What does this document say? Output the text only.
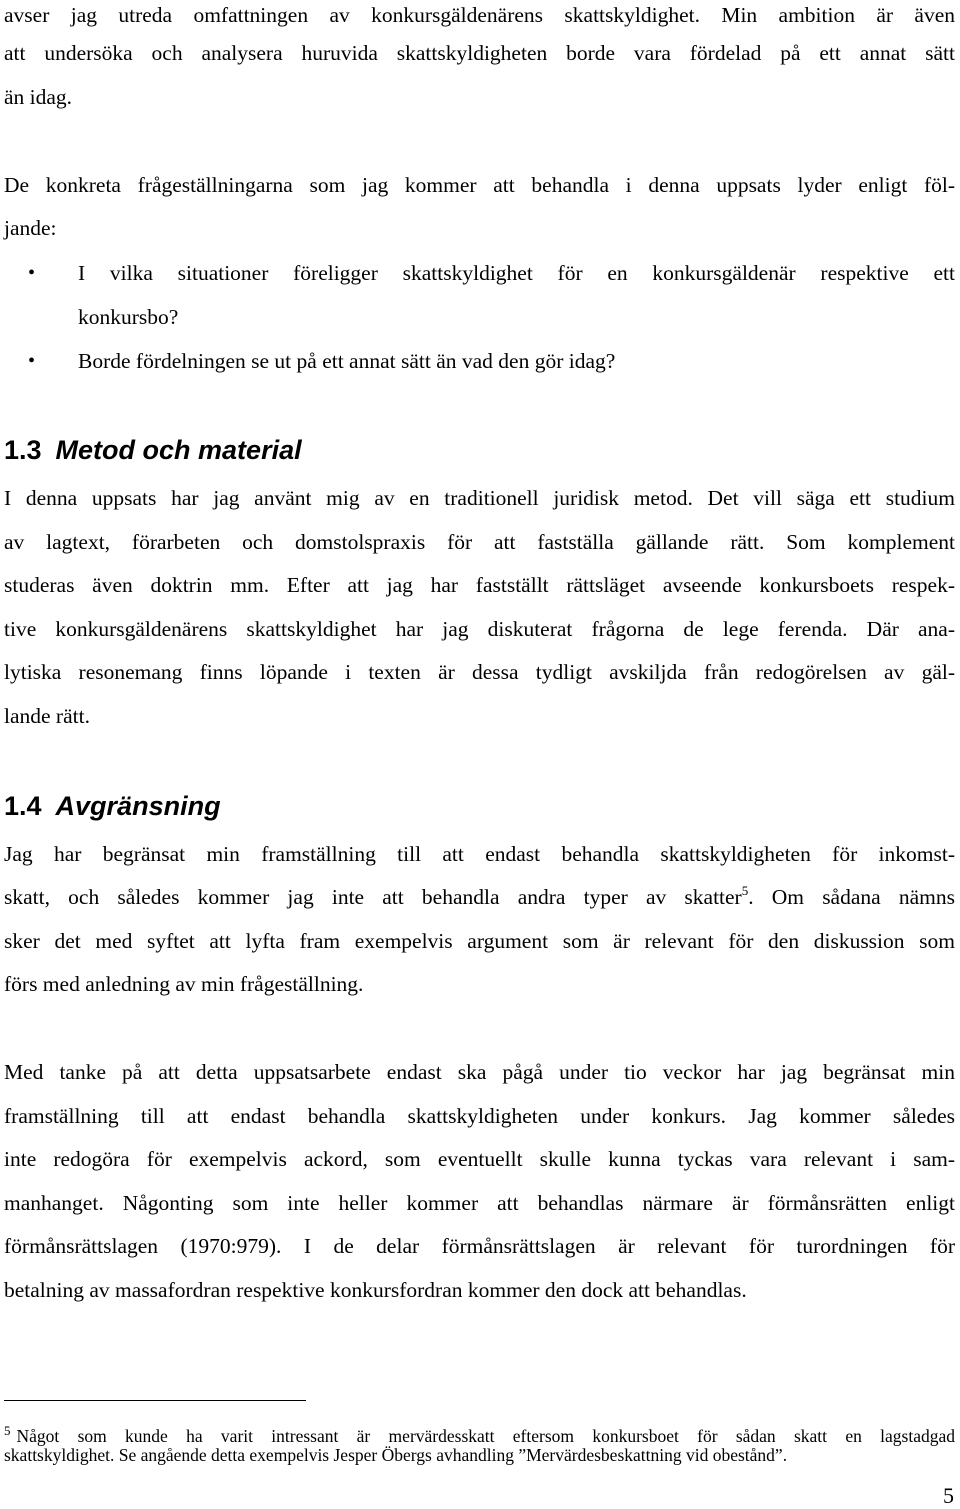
avser jag utreda omfattningen av konkursgäldenärens skattskyldighet. Min ambition är även
att undersöka och analysera huruvida skattskyldigheten borde vara fördelad på ett annat sätt
än idag.
De konkreta frågeställningarna som jag kommer att behandla i denna uppsats lyder enligt föl-
jande:
• I vilka situationer föreligger skattskyldighet för en konkursgäldenär respektive ett
konkursbo?
• Borde fördelningen se ut på ett annat sätt än vad den gör idag?
1.3 Metod och material
I denna uppsats har jag använt mig av en traditionell juridisk metod. Det vill säga ett studium
av lagtext, förarbeten och domstolspraxis för att fastställa gällande rätt. Som komplement
studeras även doktrin mm. Efter att jag har fastställt rättsläget avseende konkursboets respek-
tive konkursgäldenärens skattskyldighet har jag diskuterat frågorna de lege ferenda. Där ana-
lytiska resonemang finns löpande i texten är dessa tydligt avskiljda från redogörelsen av gäl-
lande rätt.
1.4 Avgränsning
Jag har begränsat min framställning till att endast behandla skattskyldigheten för inkomst-
skatt, och således kommer jag inte att behandla andra typer av skatter$^5$. Om sådana nämns
sker det med syftet att lyfta fram exempelvis argument som är relevant för den diskussion som
förs med anledning av min frågeställning.
Med tanke på att detta uppsatsarbete endast ska pågå under tio veckor har jag begränsat min
framställning till att endast behandla skattskyldigheten under konkurs. Jag kommer således
inte redogöra för exempelvis ackord, som eventuellt skulle kunna tyckas vara relevant i sam-
manhanget. Någonting som inte heller kommer att behandlas närmare är förmånsrätten enligt
förmånsrättslagen (1970:979). I de delar förmånsrättslagen är relevant för turordningen för
betalning av massafordran respektive konkursfordran kommer den dock att behandlas.
$^5$ Något som kunde ha varit intressant är mervärdesskatt eftersom konkursboet för sådan skatt en lagstadgad
skattskyldighet. Se angående detta exempelvis Jesper Öbergs avhandling ”Mervärdesbeskattning vid obestånd”.
5
